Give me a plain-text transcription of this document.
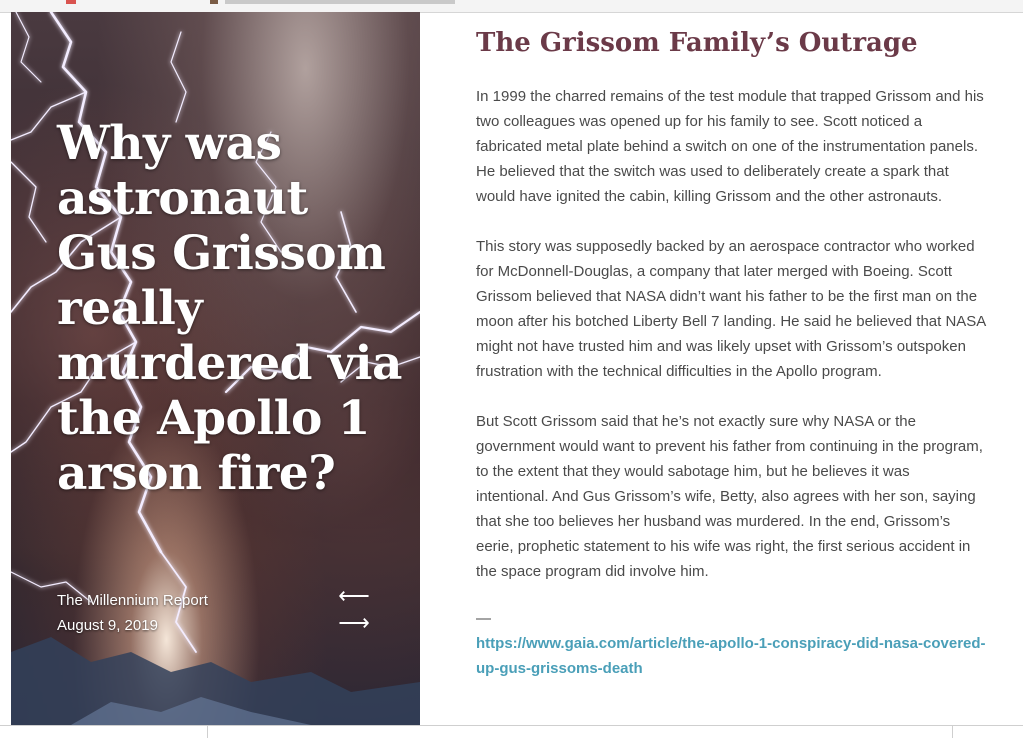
Why was astronaut Gus Grissom really murdered via the Apollo 1 arson fire?
The Millennium Report
August 9, 2019
⟵
⟶
The Grissom Family’s Outrage

In 1999 the charred remains of the test module that trapped Grissom and his two colleagues was opened up for his family to see. Scott noticed a fabricated metal plate behind a switch on one of the instrumentation panels. He believed that the switch was used to deliberately create a spark that would have ignited the cabin, killing Grissom and the other astronauts.

This story was supposedly backed by an aerospace contractor who worked for McDonnell-Douglas, a company that later merged with Boeing. Scott Grissom believed that NASA didn’t want his father to be the first man on the moon after his botched Liberty Bell 7 landing. He said he believed that NASA might not have trusted him and was likely upset with Grissom’s outspoken frustration with the technical difficulties in the Apollo program.

But Scott Grissom said that he’s not exactly sure why NASA or the government would want to prevent his father from continuing in the program, to the extent that they would sabotage him, but he believes it was intentional. And Gus Grissom’s wife, Betty, also agrees with her son, saying that she too believes her husband was murdered. In the end, Grissom’s eerie, prophetic statement to his wife was right, the first serious accident in the space program did involve him.

—
https://www.gaia.com/article/the-apollo-1-conspiracy-did-nasa-covered-up-gus-grissoms-death
